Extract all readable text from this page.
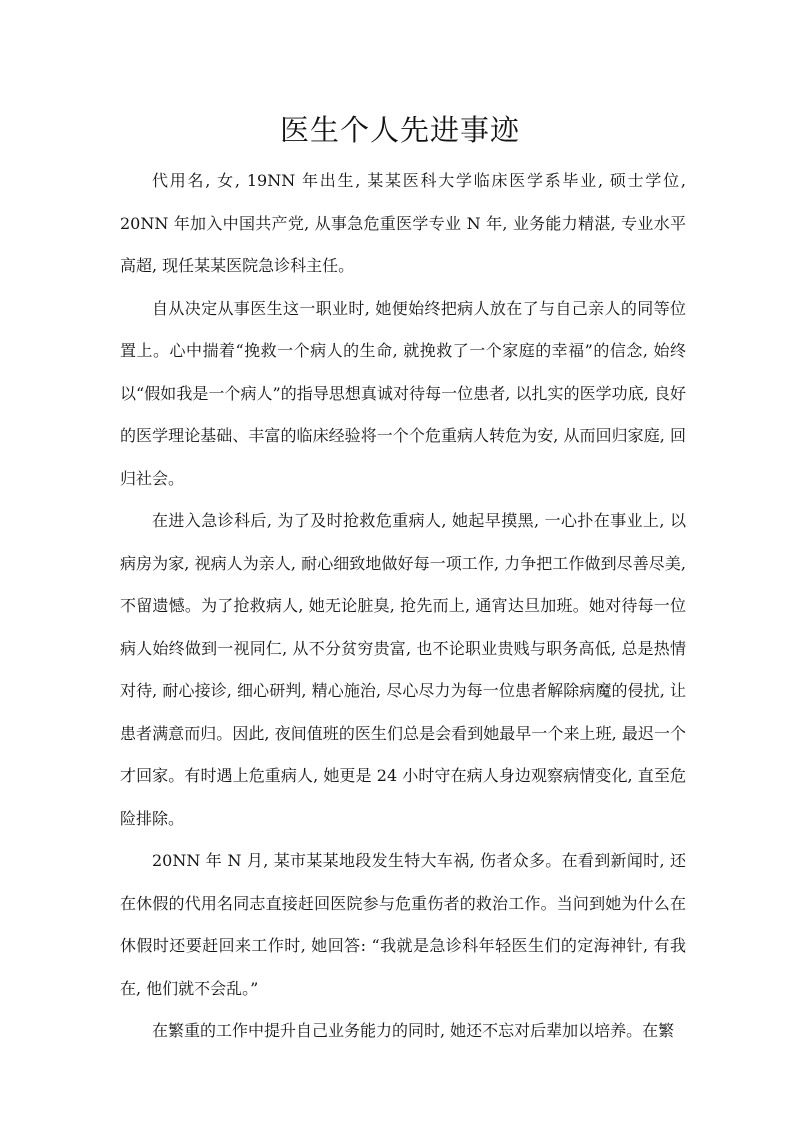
医生个人先进事迹

代用名, 女, 19NN 年出生, 某某医科大学临床医学系毕业, 硕士学位, 20NN 年加入中国共产党, 从事急危重医学专业 N 年, 业务能力精湛, 专业水平高超, 现任某某医院急诊科主任。

自从决定从事医生这一职业时, 她便始终把病人放在了与自己亲人的同等位置上。心中揣着“挽救一个病人的生命, 就挽救了一个家庭的幸福”的信念, 始终以“假如我是一个病人”的指导思想真诚对待每一位患者, 以扎实的医学功底, 良好的医学理论基础、丰富的临床经验将一个个危重病人转危为安, 从而回归家庭, 回归社会。

在进入急诊科后, 为了及时抢救危重病人, 她起早摸黑, 一心扑在事业上, 以病房为家, 视病人为亲人, 耐心细致地做好每一项工作, 力争把工作做到尽善尽美, 不留遗憾。为了抢救病人, 她无论脏臭, 抢先而上, 通宵达旦加班。她对待每一位病人始终做到一视同仁, 从不分贫穷贵富, 也不论职业贵贱与职务高低, 总是热情对待, 耐心接诊, 细心研判, 精心施治, 尽心尽力为每一位患者解除病魔的侵扰, 让患者满意而归。因此, 夜间值班的医生们总是会看到她最早一个来上班, 最迟一个才回家。有时遇上危重病人, 她更是 24 小时守在病人身边观察病情变化, 直至危险排除。

20NN 年 N 月, 某市某某地段发生特大车祸, 伤者众多。在看到新闻时, 还在休假的代用名同志直接赶回医院参与危重伤者的救治工作。当问到她为什么在休假时还要赶回来工作时, 她回答: “我就是急诊科年轻医生们的定海神针, 有我在, 他们就不会乱。”

在繁重的工作中提升自己业务能力的同时, 她还不忘对后辈加以培养。在繁
